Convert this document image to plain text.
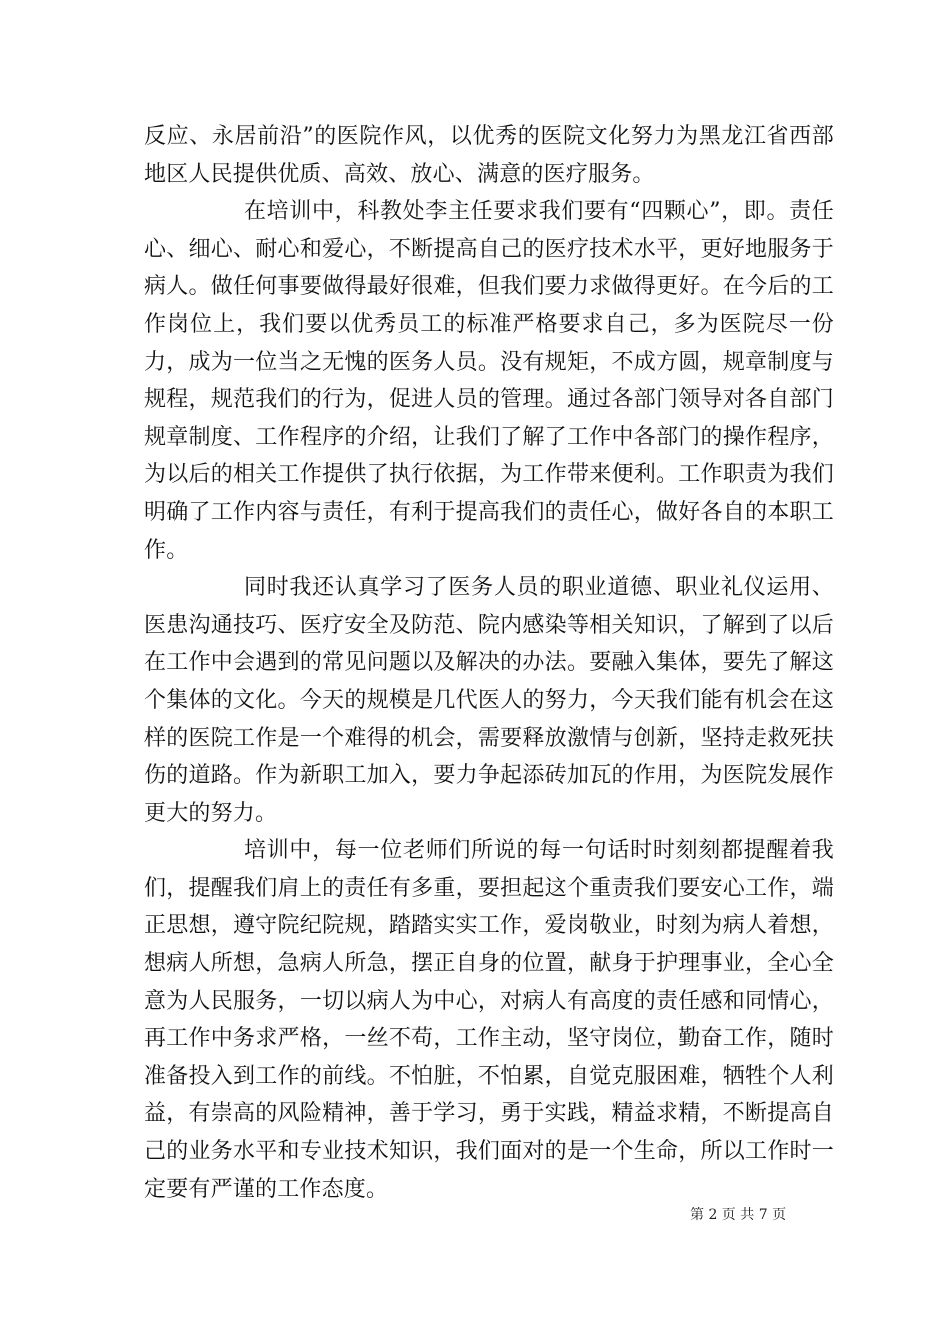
反应、永居前沿”的医院作风，以优秀的医院文化努力为黑龙江省西部地区人民提供优质、高效、放心、满意的医疗服务。

在培训中，科教处李主任要求我们要有“四颗心”，即。责任心、细心、耐心和爱心，不断提高自己的医疗技术水平，更好地服务于病人。做任何事要做得最好很难，但我们要力求做得更好。在今后的工作岗位上，我们要以优秀员工的标准严格要求自己，多为医院尽一份力，成为一位当之无愧的医务人员。没有规矩，不成方圆，规章制度与规程，规范我们的行为，促进人员的管理。通过各部门领导对各自部门规章制度、工作程序的介绍，让我们了解了工作中各部门的操作程序，为以后的相关工作提供了执行依据，为工作带来便利。工作职责为我们明确了工作内容与责任，有利于提高我们的责任心，做好各自的本职工作。

同时我还认真学习了医务人员的职业道德、职业礼仪运用、医患沟通技巧、医疗安全及防范、院内感染等相关知识，了解到了以后在工作中会遇到的常见问题以及解决的办法。要融入集体，要先了解这个集体的文化。今天的规模是几代医人的努力，今天我们能有机会在这样的医院工作是一个难得的机会，需要释放激情与创新，坚持走救死扶伤的道路。作为新职工加入，要力争起添砖加瓦的作用，为医院发展作更大的努力。

培训中，每一位老师们所说的每一句话时时刻刻都提醒着我们，提醒我们肩上的责任有多重，要担起这个重责我们要安心工作，端正思想，遵守院纪院规，踏踏实实工作，爱岗敬业，时刻为病人着想，想病人所想，急病人所急，摆正自身的位置，献身于护理事业，全心全意为人民服务，一切以病人为中心，对病人有高度的责任感和同情心，再工作中务求严格，一丝不苟，工作主动，坚守岗位，勤奋工作，随时准备投入到工作的前线。不怕脏，不怕累，自觉克服困难，牺牲个人利益，有崇高的风险精神，善于学习，勇于实践，精益求精，不断提高自己的业务水平和专业技术知识，我们面对的是一个生命，所以工作时一定要有严谨的工作态度。

第 2 页 共 7 页
